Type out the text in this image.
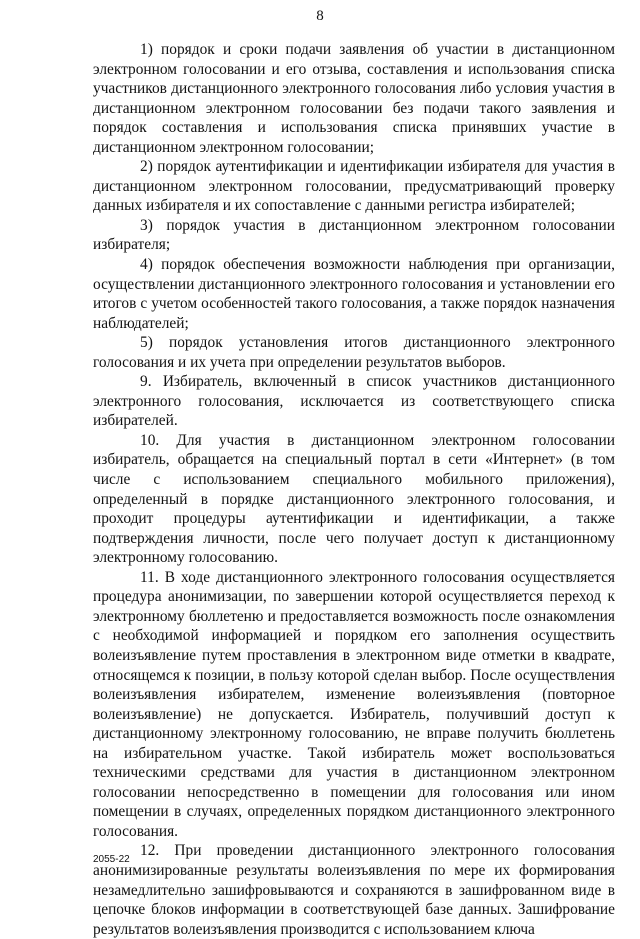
8

1) порядок и сроки подачи заявления об участии в дистанционном электронном голосовании и его отзыва, составления и использования списка участников дистанционного электронного голосования либо условия участия в дистанционном электронном голосовании без подачи такого заявления и порядок составления и использования списка принявших участие в дистанционном электронном голосовании;

2) порядок аутентификации и идентификации избирателя для участия в дистанционном электронном голосовании, предусматривающий проверку данных избирателя и их сопоставление с данными регистра избирателей;

3) порядок участия в дистанционном электронном голосовании избирателя;

4) порядок обеспечения возможности наблюдения при организации, осуществлении дистанционного электронного голосования и установлении его итогов с учетом особенностей такого голосования, а также порядок назначения наблюдателей;

5) порядок установления итогов дистанционного электронного голосования и их учета при определении результатов выборов.

9. Избиратель, включенный в список участников дистанционного электронного голосования, исключается из соответствующего списка избирателей.

10. Для участия в дистанционном электронном голосовании избиратель, обращается на специальный портал в сети «Интернет» (в том числе с использованием специального мобильного приложения), определенный в порядке дистанционного электронного голосования, и проходит процедуры аутентификации и идентификации, а также подтверждения личности, после чего получает доступ к дистанционному электронному голосованию.

11. В ходе дистанционного электронного голосования осуществляется процедура анонимизации, по завершении которой осуществляется переход к электронному бюллетеню и предоставляется возможность после ознакомления с необходимой информацией и порядком его заполнения осуществить волеизъявление путем проставления в электронном виде отметки в квадрате, относящемся к позиции, в пользу которой сделан выбор. После осуществления волеизъявления избирателем, изменение волеизъявления (повторное волеизъявление) не допускается. Избиратель, получивший доступ к дистанционному электронному голосованию, не вправе получить бюллетень на избирательном участке. Такой избиратель может воспользоваться техническими средствами для участия в дистанционном электронном голосовании непосредственно в помещении для голосования или ином помещении в случаях, определенных порядком дистанционного электронного голосования.

12. При проведении дистанционного электронного голосования анонимизированные результаты волеизъявления по мере их формирования незамедлительно зашифровываются и сохраняются в зашифрованном виде в цепочке блоков информации в соответствующей базе данных. Зашифрование результатов волеизъявления производится с использованием ключа

2055-22
